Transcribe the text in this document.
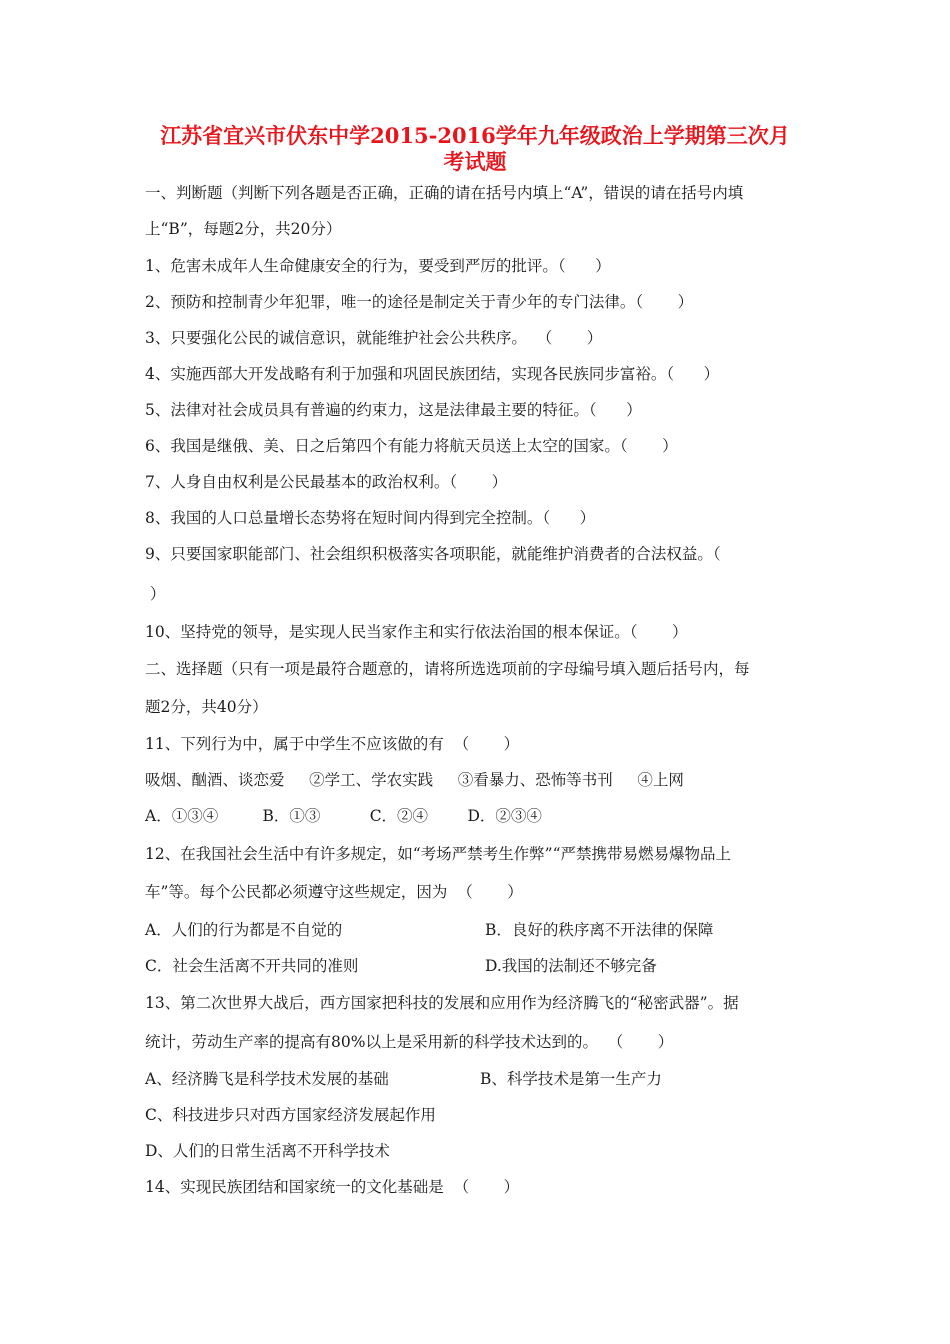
江苏省宜兴市伏东中学2015-2016学年九年级政治上学期第三次月
考试题
一、判断题（判断下列各题是否正确，正确的请在括号内填上“A”，错误的请在括号内填
上“B”，每题2分，共20分）
1、危害未成年人生命健康安全的行为，要受到严厉的批评。（      ）
2、预防和控制青少年犯罪，唯一的途径是制定关于青少年的专门法律。（       ）
3、只要强化公民的诚信意识，就能维护社会公共秩序。  （       ）
4、实施西部大开发战略有利于加强和巩固民族团结，实现各民族同步富裕。（      ）
5、法律对社会成员具有普遍的约束力，这是法律最主要的特征。（      ）
6、我国是继俄、美、日之后第四个有能力将航天员送上太空的国家。（       ）
7、人身自由权利是公民最基本的政治权利。（       ）
8、我国的人口总量增长态势将在短时间内得到完全控制。（      ）
9、只要国家职能部门、社会组织积极落实各项职能，就能维护消费者的合法权益。（
）
10、坚持党的领导，是实现人民当家作主和实行依法治国的根本保证。（       ）
二、选择题（只有一项是最符合题意的，请将所选选项前的字母编号填入题后括号内，每
题2分，共40分）
11、下列行为中，属于中学生不应该做的有  （       ）
吸烟、酗酒、谈恋爱     ②学工、学农实践     ③看暴力、恐怖等书刊     ④上网
A．①③④         B．①③          C．②④        D．②③④
12、在我国社会生活中有许多规定，如“考场严禁考生作弊”“严禁携带易燃易爆物品上
车”等。每个公民都必须遵守这些规定，因为  （       ）
A．人们的行为都是不自觉的	B．良好的秩序离不开法律的保障
C．社会生活离不开共同的准则	D.我国的法制还不够完备
13、第二次世界大战后，西方国家把科技的发展和应用作为经济腾飞的“秘密武器”。据
统计，劳动生产率的提高有80%以上是采用新的科学技术达到的。  （       ）
A、经济腾飞是科学技术发展的基础	B、科学技术是第一生产力
C、科技进步只对西方国家经济发展起作用
D、人们的日常生活离不开科学技术
14、实现民族团结和国家统一的文化基础是  （       ）
